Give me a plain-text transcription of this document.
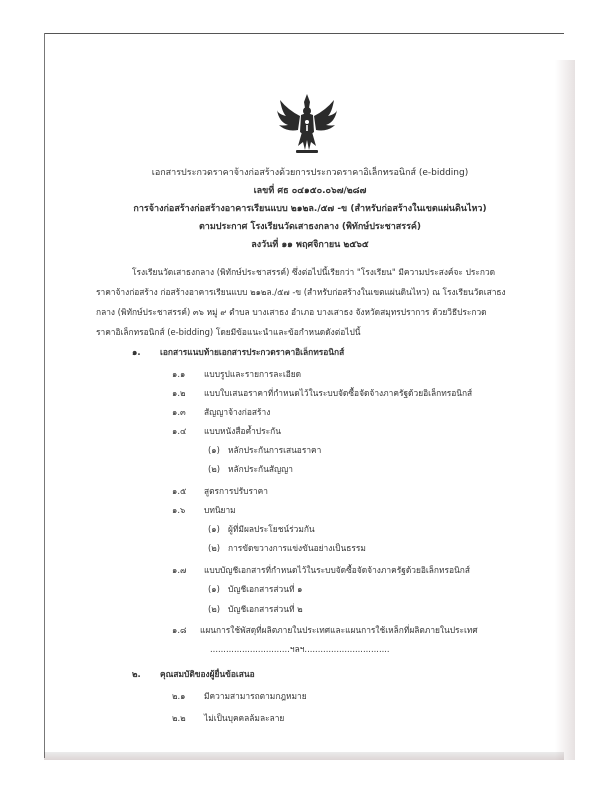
เอกสารประกวดราคาจ้างก่อสร้างด้วยการประกวดราคาอิเล็กทรอนิกส์ (e-bidding)
เลขที่ ศธ ๐๔๑๕๐.๐๖๗/๒๘๗
การจ้างก่อสร้างก่อสร้างอาคารเรียนแบบ ๒๑๒ล./๕๗ -ข (สำหรับก่อสร้างในเขตแผ่นดินไหว)
ตามประกาศ โรงเรียนวัดเสาธงกลาง (พิทักษ์ประชาสรรค์)
ลงวันที่ ๑๑ พฤศจิกายน ๒๕๖๕
โรงเรียนวัดเสาธงกลาง (พิทักษ์ประชาสรรค์) ซึ่งต่อไปนี้เรียกว่า "โรงเรียน" มีความประสงค์จะ ประกวด
ราคาจ้างก่อสร้าง ก่อสร้างอาคารเรียนแบบ ๒๑๒ล./๕๗ -ข (สำหรับก่อสร้างในเขตแผ่นดินไหว) ณ โรงเรียนวัดเสาธง
กลาง (พิทักษ์ประชาสรรค์) ๓๖ หมู่ ๙ ตำบล บางเสาธง อำเภอ บางเสาธง จังหวัดสมุทรปราการ ด้วยวิธีประกวด
ราคาอิเล็กทรอนิกส์ (e-bidding) โดยมีข้อแนะนำและข้อกำหนดดังต่อไปนี้
๑. เอกสารแนบท้ายเอกสารประกวดราคาอิเล็กทรอนิกส์
๑.๑ แบบรูปและรายการละเอียด
๑.๒ แบบใบเสนอราคาที่กำหนดไว้ในระบบจัดซื้อจัดจ้างภาครัฐด้วยอิเล็กทรอนิกส์
๑.๓ สัญญาจ้างก่อสร้าง
๑.๔ แบบหนังสือค้ำประกัน
(๑) หลักประกันการเสนอราคา
(๒) หลักประกันสัญญา
๑.๕ สูตรการปรับราคา
๑.๖ บทนิยาม
(๑) ผู้ที่มีผลประโยชน์ร่วมกัน
(๒) การขัดขวางการแข่งขันอย่างเป็นธรรม
๑.๗ แบบบัญชีเอกสารที่กำหนดไว้ในระบบจัดซื้อจัดจ้างภาครัฐด้วยอิเล็กทรอนิกส์
(๑) บัญชีเอกสารส่วนที่ ๑
(๒) บัญชีเอกสารส่วนที่ ๒
๑.๘ แผนการใช้พัสดุที่ผลิตภายในประเทศและแผนการใช้เหล็กที่ผลิตภายในประเทศ
..............................ฯลฯ................................
๒. คุณสมบัติของผู้ยื่นข้อเสนอ
๒.๑ มีความสามารถตามกฎหมาย
๒.๒ ไม่เป็นบุคคลล้มละลาย
